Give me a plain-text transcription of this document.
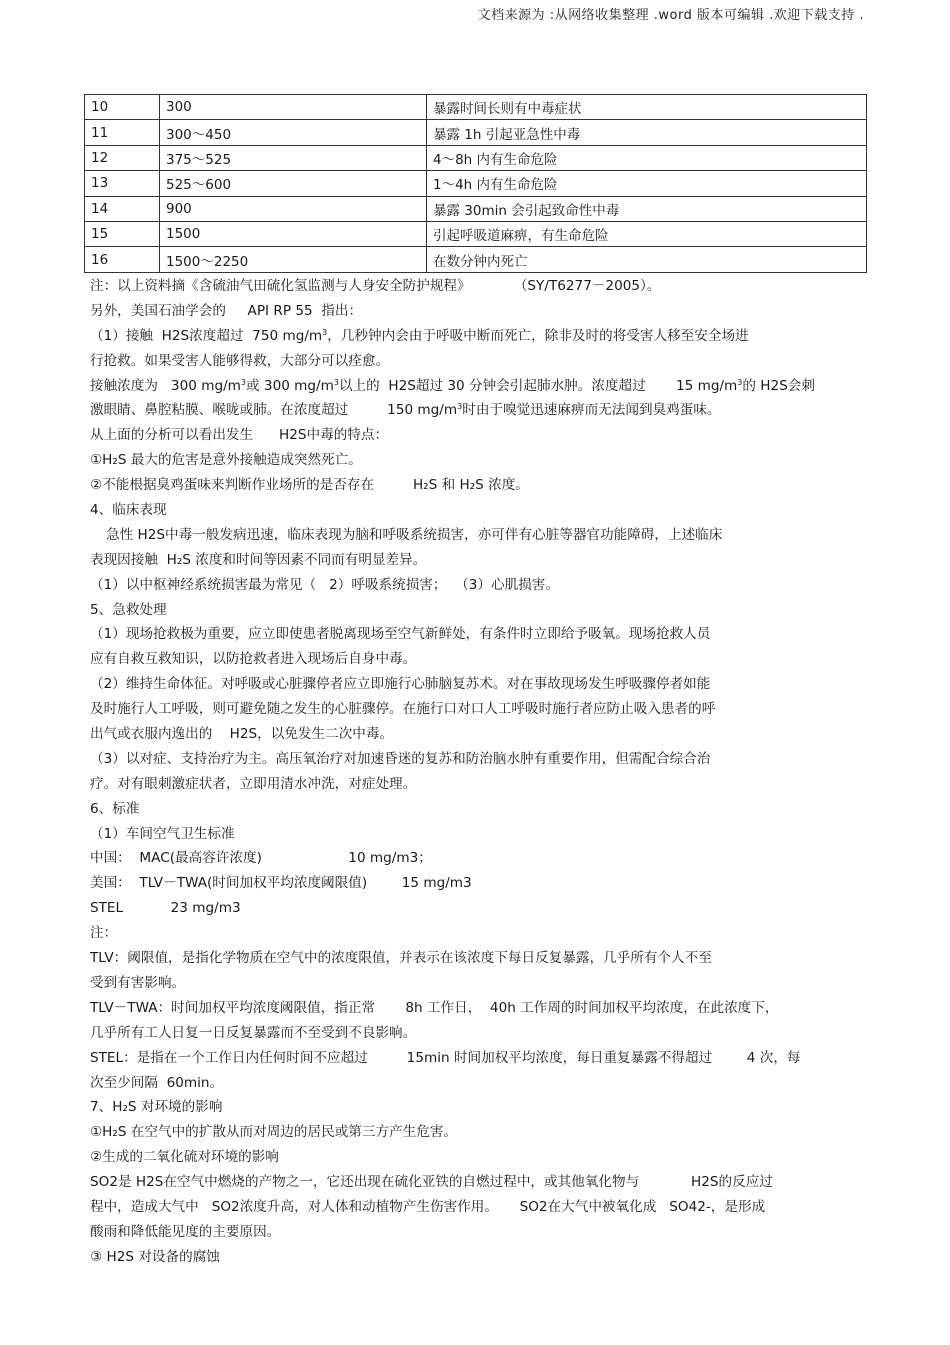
文档来源为 :从网络收集整理 .word 版本可编辑 .欢迎下载支持 .
10	300	暴露时间长则有中毒症状
11	300～450	暴露 1h 引起亚急性中毒
12	375～525	4～8h 内有生命危险
13	525～600	1～4h 内有生命危险
14	900	暴露 30min 会引起致命性中毒
15	1500	引起呼吸道麻痹，有生命危险
16	1500～2250	在数分钟内死亡
注：以上资料摘《含硫油气田硫化氢监测与人身安全防护规程》          （SY/T6277－2005）。
另外，美国石油学会的     API RP 55  指出：
（1）接触  H2S浓度超过  750 $mg/m^3$，几秒钟内会由于呼吸中断而死亡，除非及时的将受害人移至安全场进
行抢救。如果受害人能够得救，大部分可以痊愈。
接触浓度为   300 $mg/m^3$或 300 $mg/m^3$以上的  H2S超过 30 分钟会引起肺水肿。浓度超过       15 $mg/m^3$的 H2S会刺
激眼睛、鼻腔粘膜、喉咙或肺。在浓度超过         150 $mg/m^3$时由于嗅觉迅速麻痹而无法闻到臭鸡蛋味。
从上面的分析可以看出发生      H2S中毒的特点：
①H₂S 最大的危害是意外接触造成突然死亡。
②不能根据臭鸡蛋味来判断作业场所的是否存在         H₂S 和 H₂S 浓度。
4、临床表现
急性 H2S中毒一般发病迅速，临床表现为脑和呼吸系统损害，亦可伴有心脏等器官功能障碍，上述临床
表现因接触  H₂S 浓度和时间等因素不同而有明显差异。
（1）以中枢神经系统损害最为常见（   2）呼吸系统损害；  （3）心肌损害。
5、急救处理
（1）现场抢救极为重要，应立即使患者脱离现场至空气新鲜处，有条件时立即给予吸氧。现场抢救人员
应有自救互救知识，以防抢救者进入现场后自身中毒。
（2）维持生命体征。对呼吸或心脏骤停者应立即施行心肺脑复苏术。对在事故现场发生呼吸骤停者如能
及时施行人工呼吸，则可避免随之发生的心脏骤停。在施行口对口人工呼吸时施行者应防止吸入患者的呼
出气或衣服内逸出的    H2S，以免发生二次中毒。
（3）以对症、支持治疗为主。高压氧治疗对加速昏迷的复苏和防治脑水肿有重要作用，但需配合综合治
疗。对有眼刺激症状者，立即用清水冲洗，对症处理。
6、标准
（1）车间空气卫生标准
中国：  MAC(最高容许浓度)                    10 mg/m3；
美国：  TLV－TWA(时间加权平均浓度阈限值)        15 mg/m3
STEL           23 mg/m3
注：
TLV：阈限值，是指化学物质在空气中的浓度限值，并表示在该浓度下每日反复暴露，几乎所有个人不至
受到有害影响。
TLV－TWA：时间加权平均浓度阈限值，指正常       8h 工作日，  40h 工作周的时间加权平均浓度，在此浓度下，
几乎所有工人日复一日反复暴露而不至受到不良影响。
STEL：是指在一个工作日内任何时间不应超过         15min 时间加权平均浓度，每日重复暴露不得超过        4 次，每
次至少间隔  60min。
7、H₂S 对环境的影响
①H₂S 在空气中的扩散从而对周边的居民或第三方产生危害。
②生成的二氧化硫对环境的影响
SO2是 H2S在空气中燃烧的产物之一，它还出现在硫化亚铁的自燃过程中，或其他氧化物与            H2S的反应过
程中，造成大气中   SO2浓度升高，对人体和动植物产生伤害作用。     SO2在大气中被氧化成   SO42-，是形成
酸雨和降低能见度的主要原因。
③ H2S 对设备的腐蚀
